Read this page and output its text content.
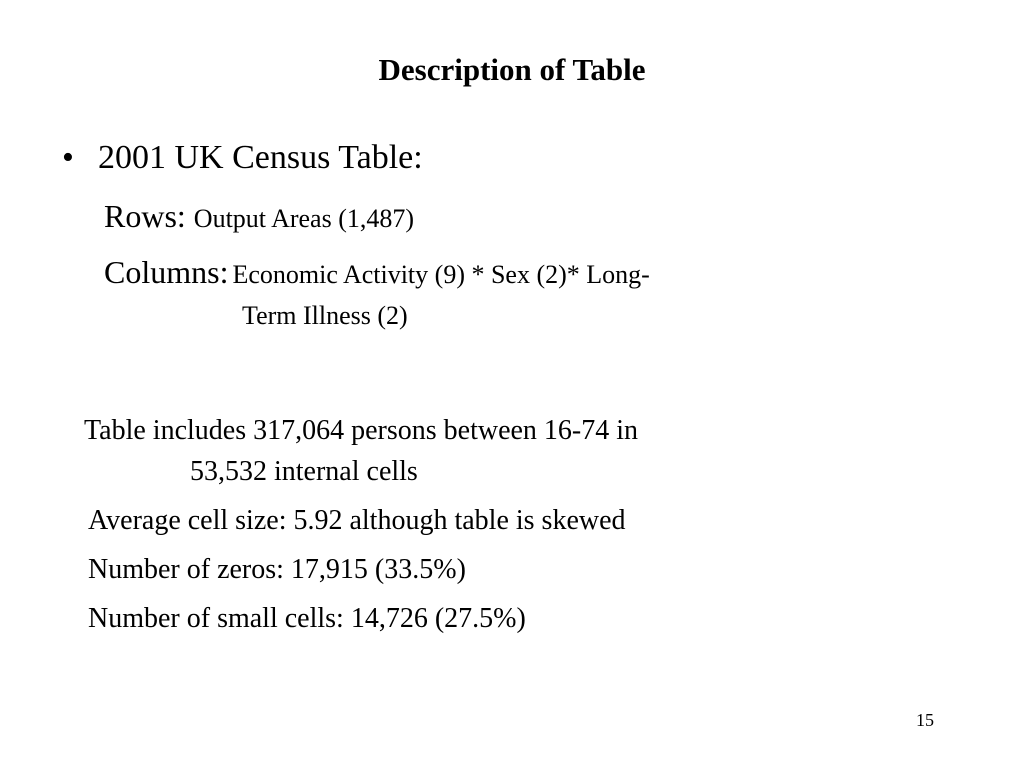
Description of Table
• 2001 UK Census Table:
Rows: Output Areas (1,487)
Columns: Economic Activity (9) * Sex (2)* Long-
Term Illness (2)
Table includes 317,064 persons between 16-74 in
53,532 internal cells
Average cell size: 5.92 although table is skewed
Number of zeros: 17,915 (33.5%)
Number of small cells: 14,726 (27.5%)
15
